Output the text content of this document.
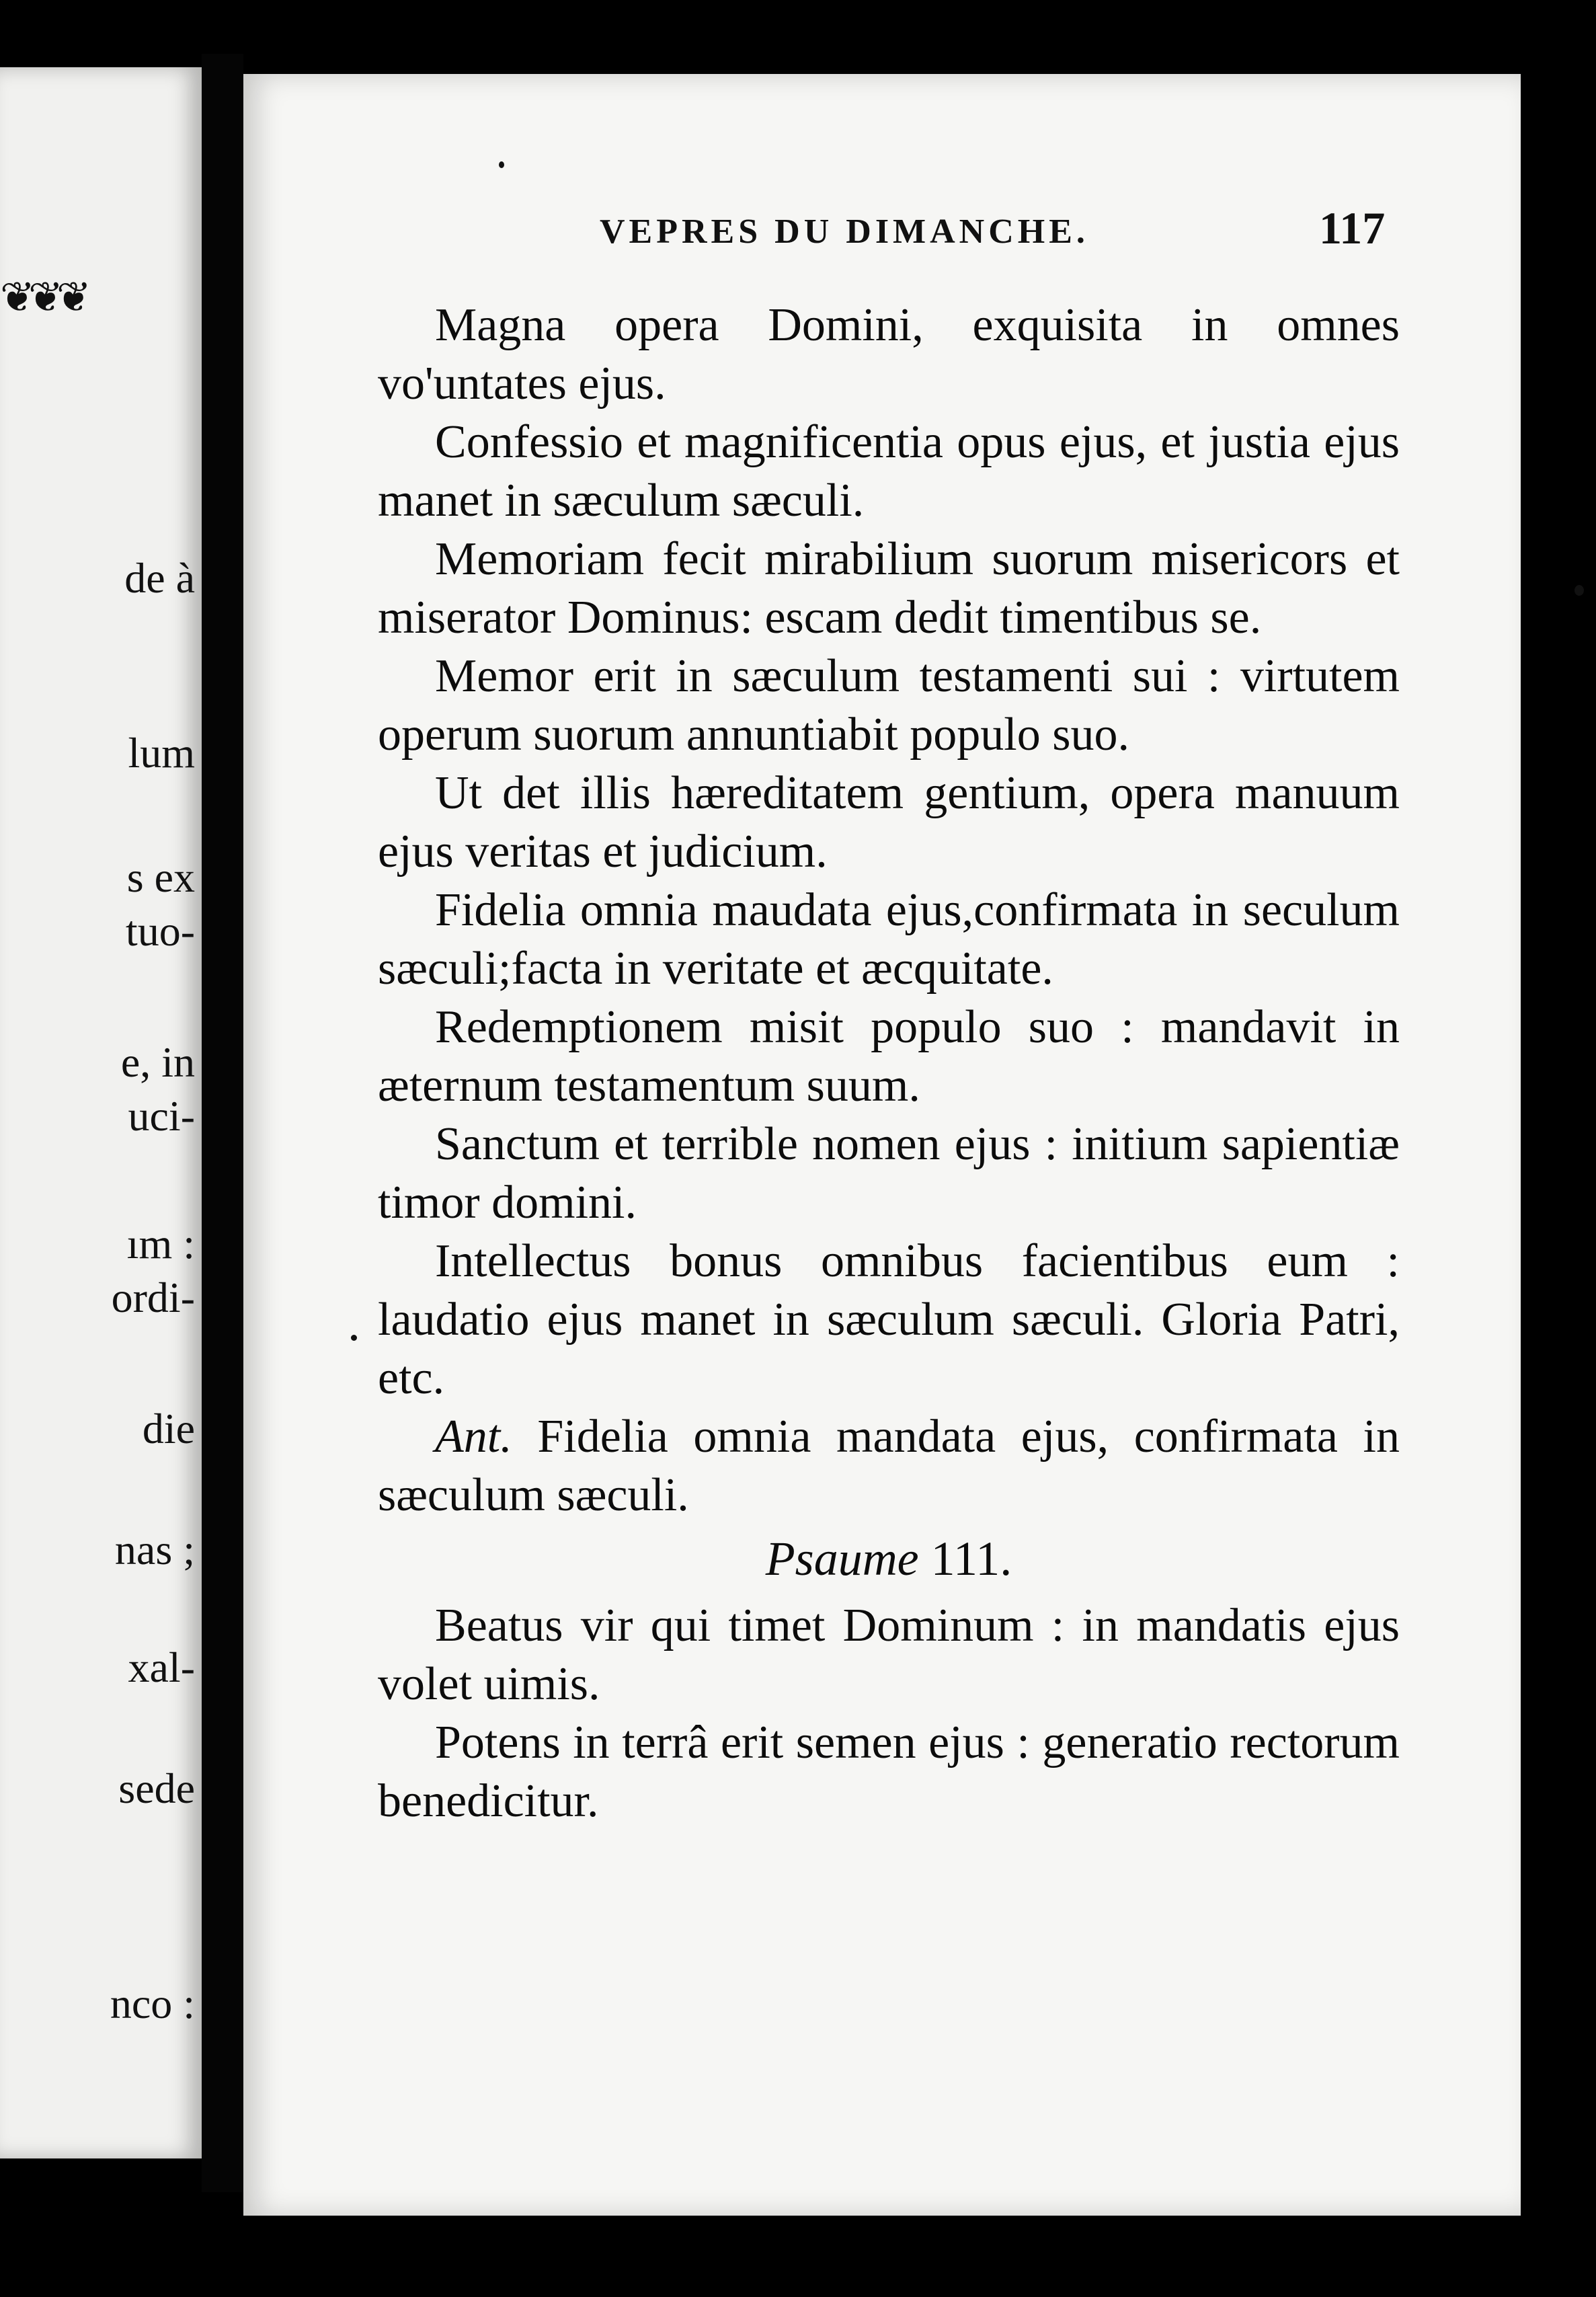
❦❦❦
de à
lum
s ex
tuo-
e, in
uci-
ım :
ordi-
die
nas ;
xal-
sede
nco :
VEPRES DU DIMANCHE.	117

Magna opera Domini, exquisita in omnes vo'untates ejus.

Confessio et magnificentia opus ejus, et justia ejus manet in sæculum sæculi.

Memoriam fecit mirabilium suorum misericors et miserator Dominus: escam dedit timentibus se.

Memor erit in sæculum testamenti sui : virtutem operum suorum annuntiabit populo suo.

Ut det illis hæreditatem gentium, opera manuum ejus veritas et judicium.

Fidelia omnia maudata ejus,confirmata in seculum sæculi;facta in veritate et æcquitate.

Redemptionem misit populo suo : mandavit in æternum testamentum suum.

Sanctum et terrible nomen ejus : initium sapientiæ timor domini.

Intellectus bonus omnibus facientibus eum : laudatio ejus manet in sæculum sæculi. Gloria Patri, etc.

Ant. Fidelia omnia mandata ejus, confirmata in sæculum sæculi.

Psaume 111.

Beatus vir qui timet Dominum : in mandatis ejus volet uimis.

Potens in terrâ erit semen ejus : generatio rectorum benedicitur.
